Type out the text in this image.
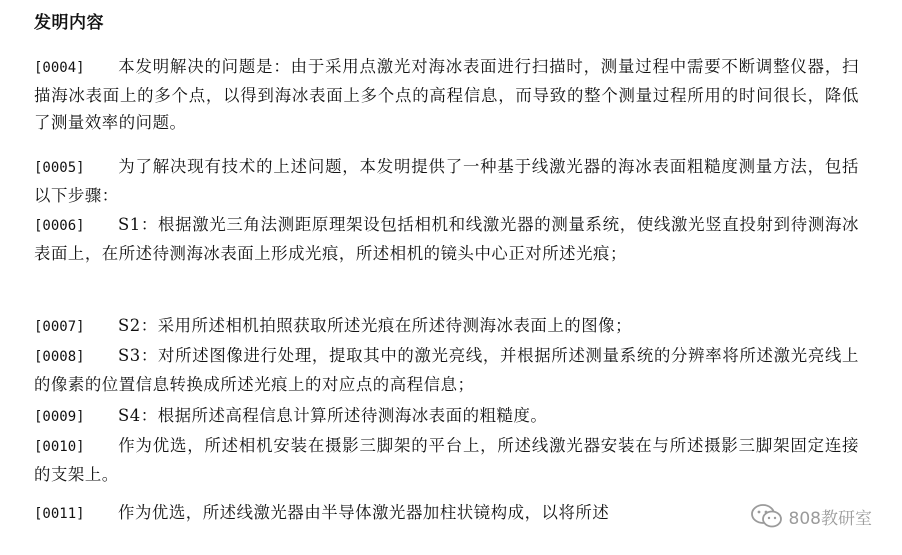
发明内容
[0004] 本发明解决的问题是：由于采用点激光对海冰表面进行扫描时，测量过程中需要不断调整仪器，扫描海冰表面上的多个点，以得到海冰表面上多个点的高程信息，而导致的整个测量过程所用的时间很长，降低了测量效率的问题。
[0005] 为了解决现有技术的上述问题，本发明提供了一种基于线激光器的海冰表面粗糙度测量方法，包括以下步骤：
[0006] S1：根据激光三角法测距原理架设包括相机和线激光器的测量系统，使线激光竖直投射到待测海冰表面上，在所述待测海冰表面上形成光痕，所述相机的镜头中心正对所述光痕；
[0007] S2：采用所述相机拍照获取所述光痕在所述待测海冰表面上的图像；
[0008] S3：对所述图像进行处理，提取其中的激光亮线，并根据所述测量系统的分辨率将所述激光亮线上的像素的位置信息转换成所述光痕上的对应点的高程信息；
[0009] S4：根据所述高程信息计算所述待测海冰表面的粗糙度。
[0010] 作为优选，所述相机安装在摄影三脚架的平台上，所述线激光器安装在与所述摄影三脚架固定连接的支架上。
[0011] 作为优选，所述线激光器由半导体激光器加柱状镜构成，以将所述	808教研室
